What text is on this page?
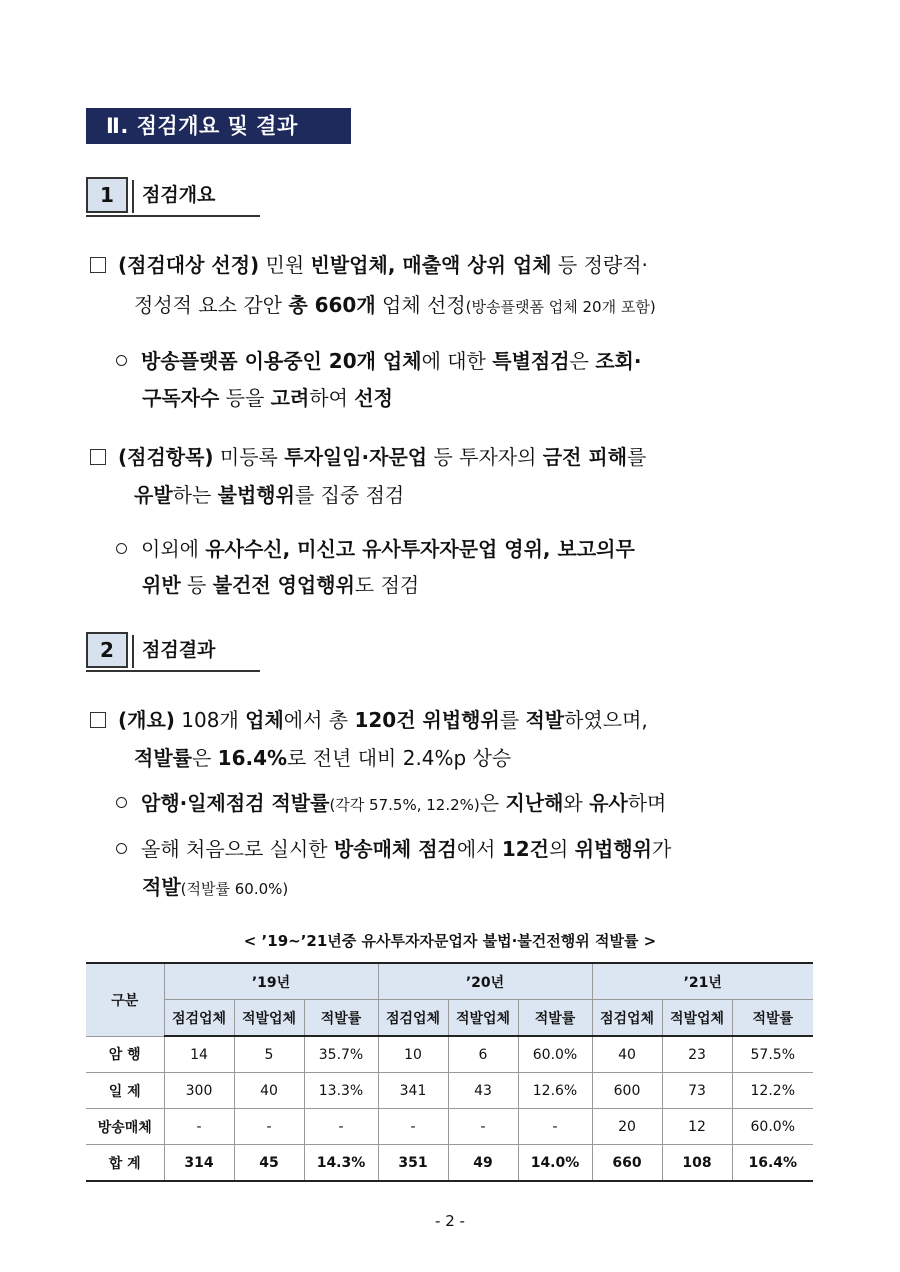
Ⅱ. 점검개요 및 결과
1	점검개요
(점검대상 선정) 민원 빈발업체, 매출액 상위 업체 등 정량적·
정성적 요소 감안 총 660개 업체 선정(방송플랫폼 업체 20개 포함)
방송플랫폼 이용중인 20개 업체에 대한 특별점검은 조회·
구독자수 등을 고려하여 선정
(점검항목) 미등록 투자일임·자문업 등 투자자의 금전 피해를
유발하는 불법행위를 집중 점검
이외에 유사수신, 미신고 유사투자자문업 영위, 보고의무
위반 등 불건전 영업행위도 점검
2	점검결과
(개요) 108개 업체에서 총 120건 위법행위를 적발하였으며,
적발률은 16.4%로 전년 대비 2.4%p 상승
암행·일제점검 적발률(각각 57.5%, 12.2%)은 지난해와 유사하며
올해 처음으로 실시한 방송매체 점검에서 12건의 위법행위가
적발(적발률 60.0%)
< ’19~’21년중 유사투자자문업자 불법·불건전행위 적발률 >
구분	’19년			’20년			’21년		
	점검업체	적발업체	적발률	점검업체	적발업체	적발률	점검업체	적발업체	적발률
암 행	14	5	35.7%	10	6	60.0%	40	23	57.5%
일 제	300	40	13.3%	341	43	12.6%	600	73	12.2%
방송매체	-	-	-	-	-	-	20	12	60.0%
합 계	314	45	14.3%	351	49	14.0%	660	108	16.4%
- 2 -
